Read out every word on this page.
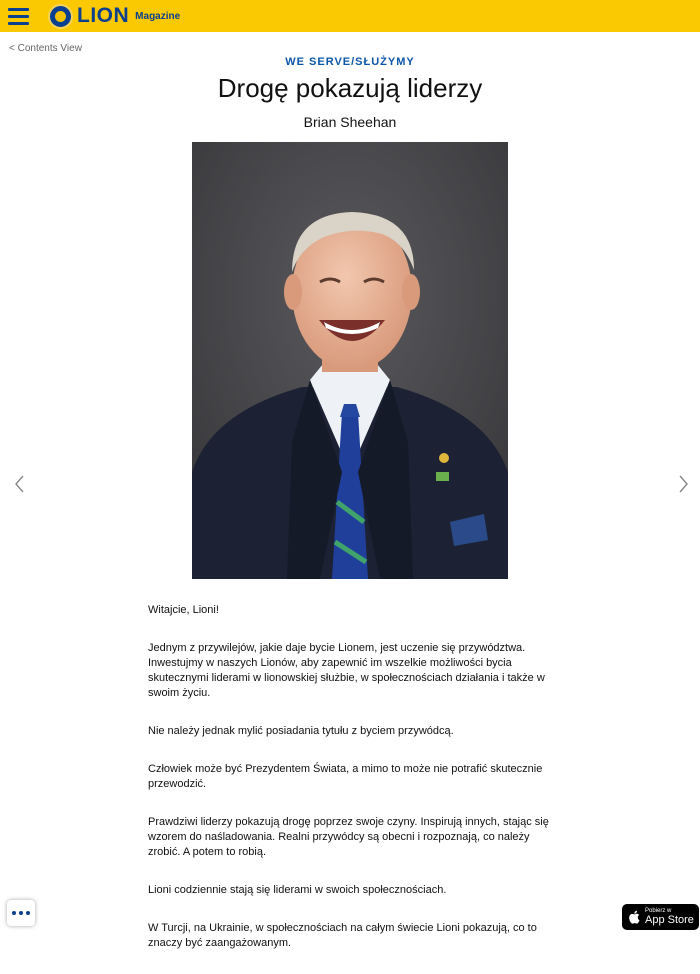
LION Magazine
< Contents View
WE SERVE/SŁUŻYMY
Drogę pokazują liderzy
Brian Sheehan

Witajcie, Lioni!

Jednym z przywilejów, jakie daje bycie Lionem, jest uczenie się przywództwa. Inwestujmy w naszych Lionów, aby zapewnić im wszelkie możliwości bycia skutecznymi liderami w lionowskiej służbie, w społecznościach działania i także w swoim życiu.

Nie należy jednak mylić posiadania tytułu z byciem przywódcą.

Człowiek może być Prezydentem Świata, a mimo to może nie potrafić skutecznie przewodzić.

Prawdziwi liderzy pokazują drogę poprzez swoje czyny. Inspirują innych, stając się wzorem do naśladowania. Realni przywódcy są obecni i rozpoznają, co należy zrobić. A potem to robią.

Lioni codziennie stają się liderami w swoich społecznościach.

W Turcji, na Ukrainie, w społecznościach na całym świecie Lioni pokazują, co to znaczy być zaangażowanym.

Pobierz w
App Store
